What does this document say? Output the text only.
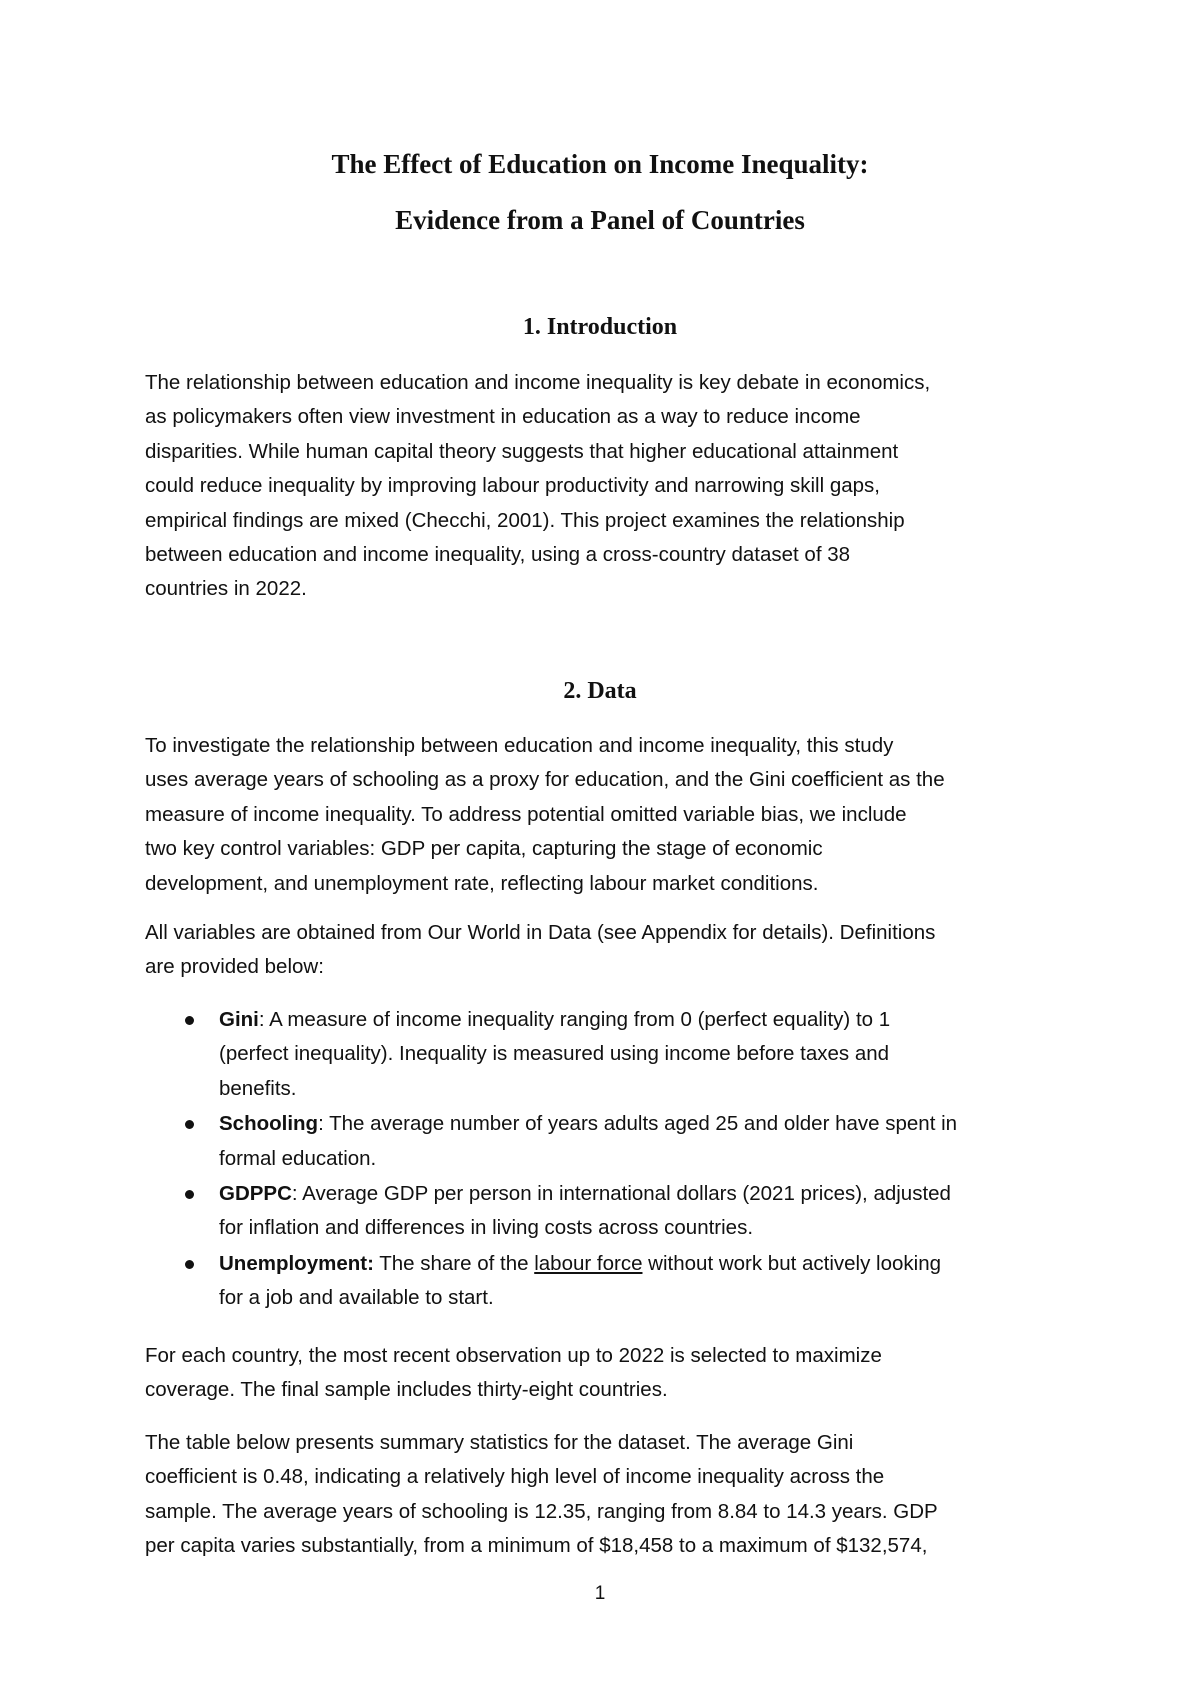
The Effect of Education on Income Inequality:
Evidence from a Panel of Countries
1. Introduction
The relationship between education and income inequality is key debate in economics,
as policymakers often view investment in education as a way to reduce income
disparities. While human capital theory suggests that higher educational attainment
could reduce inequality by improving labour productivity and narrowing skill gaps,
empirical findings are mixed (Checchi, 2001). This project examines the relationship
between education and income inequality, using a cross-country dataset of 38
countries in 2022.
2. Data
To investigate the relationship between education and income inequality, this study
uses average years of schooling as a proxy for education, and the Gini coefficient as the
measure of income inequality. To address potential omitted variable bias, we include
two key control variables: GDP per capita, capturing the stage of economic
development, and unemployment rate, reflecting labour market conditions.
All variables are obtained from Our World in Data (see Appendix for details). Definitions
are provided below:
Gini: A measure of income inequality ranging from 0 (perfect equality) to 1
(perfect inequality). Inequality is measured using income before taxes and
benefits.
Schooling: The average number of years adults aged 25 and older have spent in
formal education.
GDPPC: Average GDP per person in international dollars (2021 prices), adjusted
for inflation and differences in living costs across countries.
Unemployment: The share of the labour force without work but actively looking
for a job and available to start.
For each country, the most recent observation up to 2022 is selected to maximize
coverage. The final sample includes thirty-eight countries.
The table below presents summary statistics for the dataset. The average Gini
coefficient is 0.48, indicating a relatively high level of income inequality across the
sample. The average years of schooling is 12.35, ranging from 8.84 to 14.3 years. GDP
per capita varies substantially, from a minimum of $18,458 to a maximum of $132,574,
1
